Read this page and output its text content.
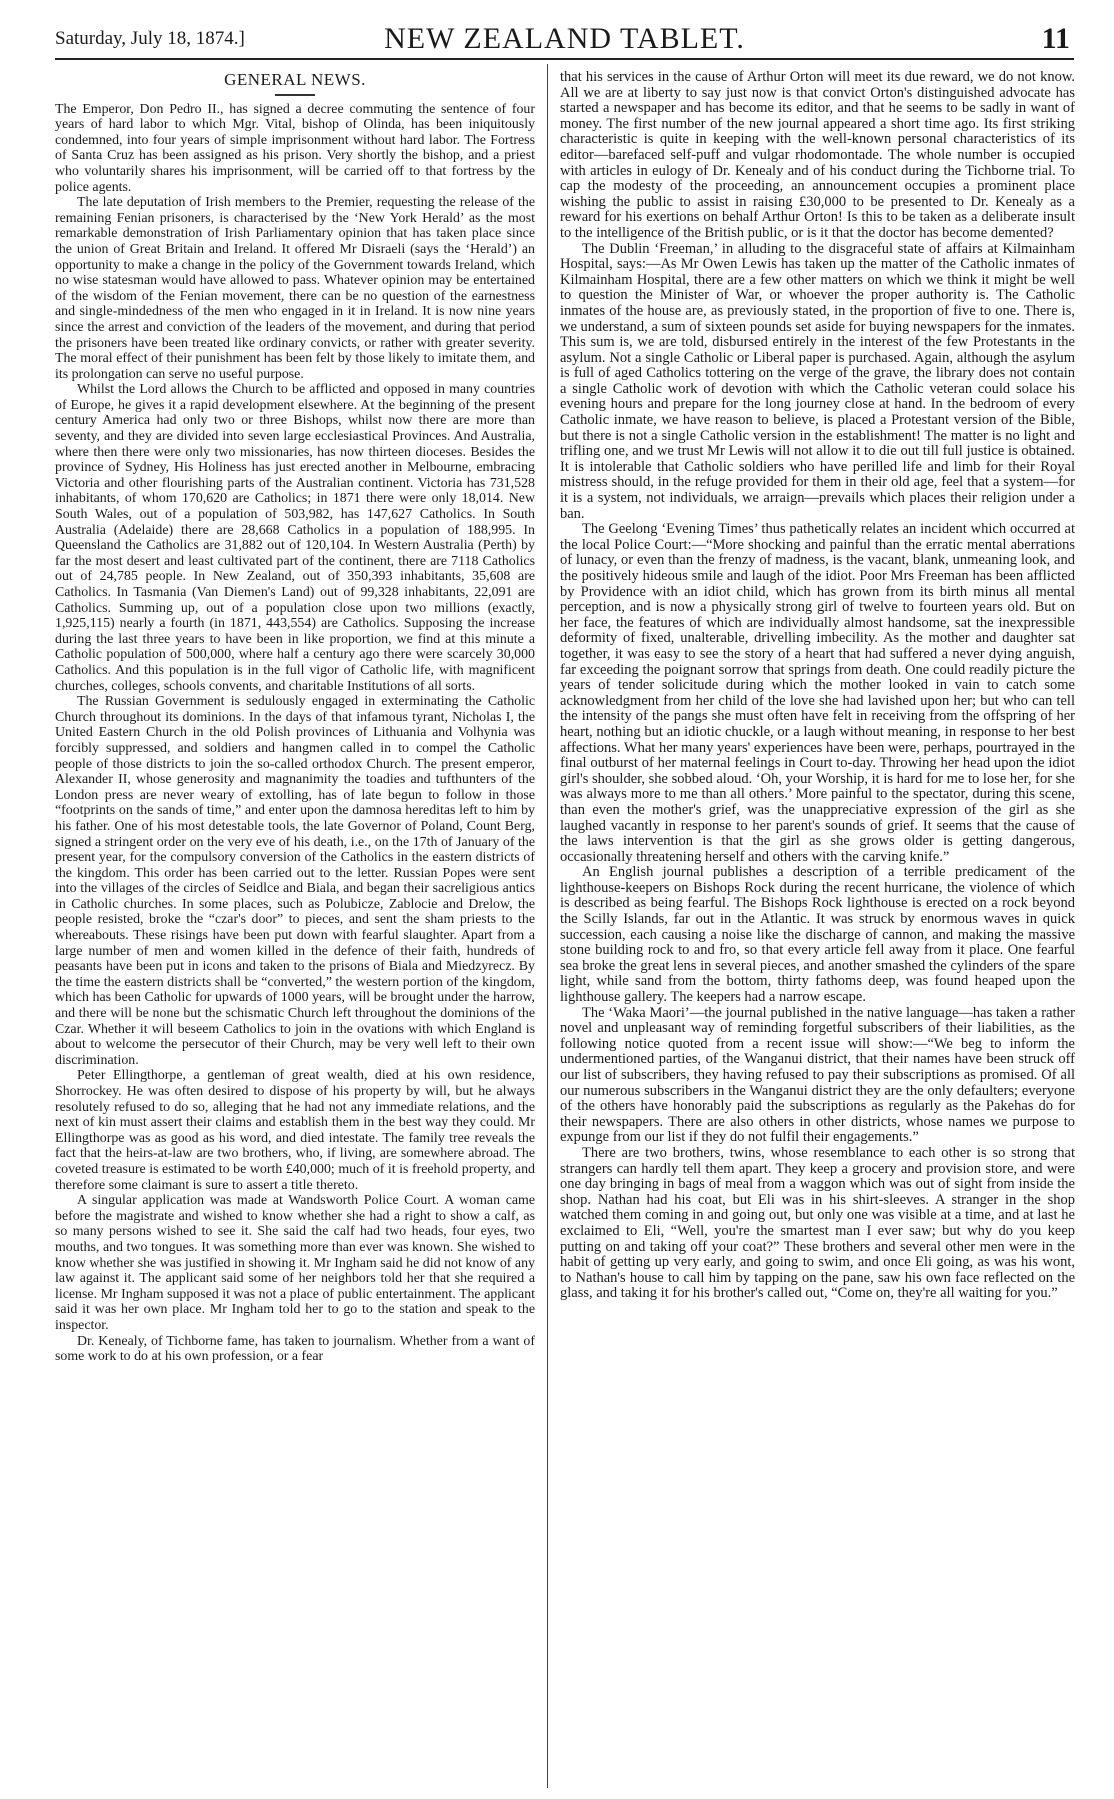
Saturday, July 18, 1874.]	NEW ZEALAND TABLET.	11
GENERAL NEWS.

The Emperor, Don Pedro II., has signed a decree commuting the sentence of four years of hard labor to which Mgr. Vital, bishop of Olinda, has been iniquitously condemned, into four years of simple imprisonment without hard labor. The Fortress of Santa Cruz has been assigned as his prison. Very shortly the bishop, and a priest who voluntarily shares his imprisonment, will be carried off to that fortress by the police agents.

The late deputation of Irish members to the Premier, requesting the release of the remaining Fenian prisoners, is characterised by the ‘New York Herald’ as the most remarkable demonstration of Irish Parliamentary opinion that has taken place since the union of Great Britain and Ireland. It offered Mr Disraeli (says the ‘Herald’) an opportunity to make a change in the policy of the Government towards Ireland, which no wise statesman would have allowed to pass. Whatever opinion may be entertained of the wisdom of the Fenian movement, there can be no question of the earnestness and single-mindedness of the men who engaged in it in Ireland. It is now nine years since the arrest and conviction of the leaders of the movement, and during that period the prisoners have been treated like ordinary convicts, or rather with greater severity. The moral effect of their punishment has been felt by those likely to imitate them, and its prolongation can serve no useful purpose.

Whilst the Lord allows the Church to be afflicted and opposed in many countries of Europe, he gives it a rapid development elsewhere. At the beginning of the present century America had only two or three Bishops, whilst now there are more than seventy, and they are divided into seven large ecclesiastical Provinces. And Australia, where then there were only two missionaries, has now thirteen dioceses. Besides the province of Sydney, His Holiness has just erected another in Melbourne, embracing Victoria and other flourishing parts of the Australian continent. Victoria has 731,528 inhabitants, of whom 170,620 are Catholics; in 1871 there were only 18,014. New South Wales, out of a population of 503,982, has 147,627 Catholics. In South Australia (Adelaide) there are 28,668 Catholics in a population of 188,995. In Queensland the Catholics are 31,882 out of 120,104. In Western Australia (Perth) by far the most desert and least cultivated part of the continent, there are 7118 Catholics out of 24,785 people. In New Zealand, out of 350,393 inhabitants, 35,608 are Catholics. In Tasmania (Van Diemen's Land) out of 99,328 inhabitants, 22,091 are Catholics. Summing up, out of a population close upon two millions (exactly, 1,925,115) nearly a fourth (in 1871, 443,554) are Catholics. Supposing the increase during the last three years to have been in like proportion, we find at this minute a Catholic population of 500,000, where half a century ago there were scarcely 30,000 Catholics. And this population is in the full vigor of Catholic life, with magnificent churches, colleges, schools convents, and charitable Institutions of all sorts.

The Russian Government is sedulously engaged in exterminating the Catholic Church throughout its dominions. In the days of that infamous tyrant, Nicholas I, the United Eastern Church in the old Polish provinces of Lithuania and Volhynia was forcibly suppressed, and soldiers and hangmen called in to compel the Catholic people of those districts to join the so-called orthodox Church. The present emperor, Alexander II, whose generosity and magnanimity the toadies and tufthunters of the London press are never weary of extolling, has of late begun to follow in those “footprints on the sands of time,” and enter upon the damnosa hereditas left to him by his father. One of his most detestable tools, the late Governor of Poland, Count Berg, signed a stringent order on the very eve of his death, i.e., on the 17th of January of the present year, for the compulsory conversion of the Catholics in the eastern districts of the kingdom. This order has been carried out to the letter. Russian Popes were sent into the villages of the circles of Seidlce and Biala, and began their sacreligious antics in Catholic churches. In some places, such as Polubicze, Zablocie and Drelow, the people resisted, broke the “czar's door” to pieces, and sent the sham priests to the whereabouts. These risings have been put down with fearful slaughter. Apart from a large number of men and women killed in the defence of their faith, hundreds of peasants have been put in icons and taken to the prisons of Biala and Miedzyrecz. By the time the eastern districts shall be “converted,” the western portion of the kingdom, which has been Catholic for upwards of 1000 years, will be brought under the harrow, and there will be none but the schismatic Church left throughout the dominions of the Czar. Whether it will beseem Catholics to join in the ovations with which England is about to welcome the persecutor of their Church, may be very well left to their own discrimination.

Peter Ellingthorpe, a gentleman of great wealth, died at his own residence, Shorrockey. He was often desired to dispose of his property by will, but he always resolutely refused to do so, alleging that he had not any immediate relations, and the next of kin must assert their claims and establish them in the best way they could. Mr Ellingthorpe was as good as his word, and died intestate. The family tree reveals the fact that the heirs-at-law are two brothers, who, if living, are somewhere abroad. The coveted treasure is estimated to be worth £40,000; much of it is freehold property, and therefore some claimant is sure to assert a title thereto.

A singular application was made at Wandsworth Police Court. A woman came before the magistrate and wished to know whether she had a right to show a calf, as so many persons wished to see it. She said the calf had two heads, four eyes, two mouths, and two tongues. It was something more than ever was known. She wished to know whether she was justified in showing it. Mr Ingham said he did not know of any law against it. The applicant said some of her neighbors told her that she required a license. Mr Ingham supposed it was not a place of public entertainment. The applicant said it was her own place. Mr Ingham told her to go to the station and speak to the inspector.

Dr. Kenealy, of Tichborne fame, has taken to journalism. Whether from a want of some work to do at his own profession, or a fear

that his services in the cause of Arthur Orton will meet its due reward, we do not know. All we are at liberty to say just now is that convict Orton's distinguished advocate has started a newspaper and has become its editor, and that he seems to be sadly in want of money. The first number of the new journal appeared a short time ago. Its first striking characteristic is quite in keeping with the well-known personal characteristics of its editor—barefaced self-puff and vulgar rhodomontade. The whole number is occupied with articles in eulogy of Dr. Kenealy and of his conduct during the Tichborne trial. To cap the modesty of the proceeding, an announcement occupies a prominent place wishing the public to assist in raising £30,000 to be presented to Dr. Kenealy as a reward for his exertions on behalf Arthur Orton! Is this to be taken as a deliberate insult to the intelligence of the British public, or is it that the doctor has become demented?

The Dublin ‘Freeman,’ in alluding to the disgraceful state of affairs at Kilmainham Hospital, says:—As Mr Owen Lewis has taken up the matter of the Catholic inmates of Kilmainham Hospital, there are a few other matters on which we think it might be well to question the Minister of War, or whoever the proper authority is. The Catholic inmates of the house are, as previously stated, in the proportion of five to one. There is, we understand, a sum of sixteen pounds set aside for buying newspapers for the inmates. This sum is, we are told, disbursed entirely in the interest of the few Protestants in the asylum. Not a single Catholic or Liberal paper is purchased. Again, although the asylum is full of aged Catholics tottering on the verge of the grave, the library does not contain a single Catholic work of devotion with which the Catholic veteran could solace his evening hours and prepare for the long journey close at hand. In the bedroom of every Catholic inmate, we have reason to believe, is placed a Protestant version of the Bible, but there is not a single Catholic version in the establishment! The matter is no light and trifling one, and we trust Mr Lewis will not allow it to die out till full justice is obtained. It is intolerable that Catholic soldiers who have perilled life and limb for their Royal mistress should, in the refuge provided for them in their old age, feel that a system—for it is a system, not individuals, we arraign—prevails which places their religion under a ban.

The Geelong ‘Evening Times’ thus pathetically relates an incident which occurred at the local Police Court:—“More shocking and painful than the erratic mental aberrations of lunacy, or even than the frenzy of madness, is the vacant, blank, unmeaning look, and the positively hideous smile and laugh of the idiot. Poor Mrs Freeman has been afflicted by Providence with an idiot child, which has grown from its birth minus all mental perception, and is now a physically strong girl of twelve to fourteen years old. But on her face, the features of which are individually almost handsome, sat the inexpressible deformity of fixed, unalterable, drivelling imbecility. As the mother and daughter sat together, it was easy to see the story of a heart that had suffered a never dying anguish, far exceeding the poignant sorrow that springs from death. One could readily picture the years of tender solicitude during which the mother looked in vain to catch some acknowledgment from her child of the love she had lavished upon her; but who can tell the intensity of the pangs she must often have felt in receiving from the offspring of her heart, nothing but an idiotic chuckle, or a laugh without meaning, in response to her best affections. What her many years' experiences have been were, perhaps, pourtrayed in the final outburst of her maternal feelings in Court to-day. Throwing her head upon the idiot girl's shoulder, she sobbed aloud. ‘Oh, your Worship, it is hard for me to lose her, for she was always more to me than all others.’ More painful to the spectator, during this scene, than even the mother's grief, was the unappreciative expression of the girl as she laughed vacantly in response to her parent's sounds of grief. It seems that the cause of the laws intervention is that the girl as she grows older is getting dangerous, occasionally threatening herself and others with the carving knife.”

An English journal publishes a description of a terrible predicament of the lighthouse-keepers on Bishops Rock during the recent hurricane, the violence of which is described as being fearful. The Bishops Rock lighthouse is erected on a rock beyond the Scilly Islands, far out in the Atlantic. It was struck by enormous waves in quick succession, each causing a noise like the discharge of cannon, and making the massive stone building rock to and fro, so that every article fell away from it place. One fearful sea broke the great lens in several pieces, and another smashed the cylinders of the spare light, while sand from the bottom, thirty fathoms deep, was found heaped upon the lighthouse gallery. The keepers had a narrow escape.

The ‘Waka Maori’—the journal published in the native language—has taken a rather novel and unpleasant way of reminding forgetful subscribers of their liabilities, as the following notice quoted from a recent issue will show:—“We beg to inform the undermentioned parties, of the Wanganui district, that their names have been struck off our list of subscribers, they having refused to pay their subscriptions as promised. Of all our numerous subscribers in the Wanganui district they are the only defaulters; everyone of the others have honorably paid the subscriptions as regularly as the Pakehas do for their newspapers. There are also others in other districts, whose names we purpose to expunge from our list if they do not fulfil their engagements.”

There are two brothers, twins, whose resemblance to each other is so strong that strangers can hardly tell them apart. They keep a grocery and provision store, and were one day bringing in bags of meal from a waggon which was out of sight from inside the shop. Nathan had his coat, but Eli was in his shirt-sleeves. A stranger in the shop watched them coming in and going out, but only one was visible at a time, and at last he exclaimed to Eli, “Well, you're the smartest man I ever saw; but why do you keep putting on and taking off your coat?” These brothers and several other men were in the habit of getting up very early, and going to swim, and once Eli going, as was his wont, to Nathan's house to call him by tapping on the pane, saw his own face reflected on the glass, and taking it for his brother's called out, “Come on, they're all waiting for you.”
